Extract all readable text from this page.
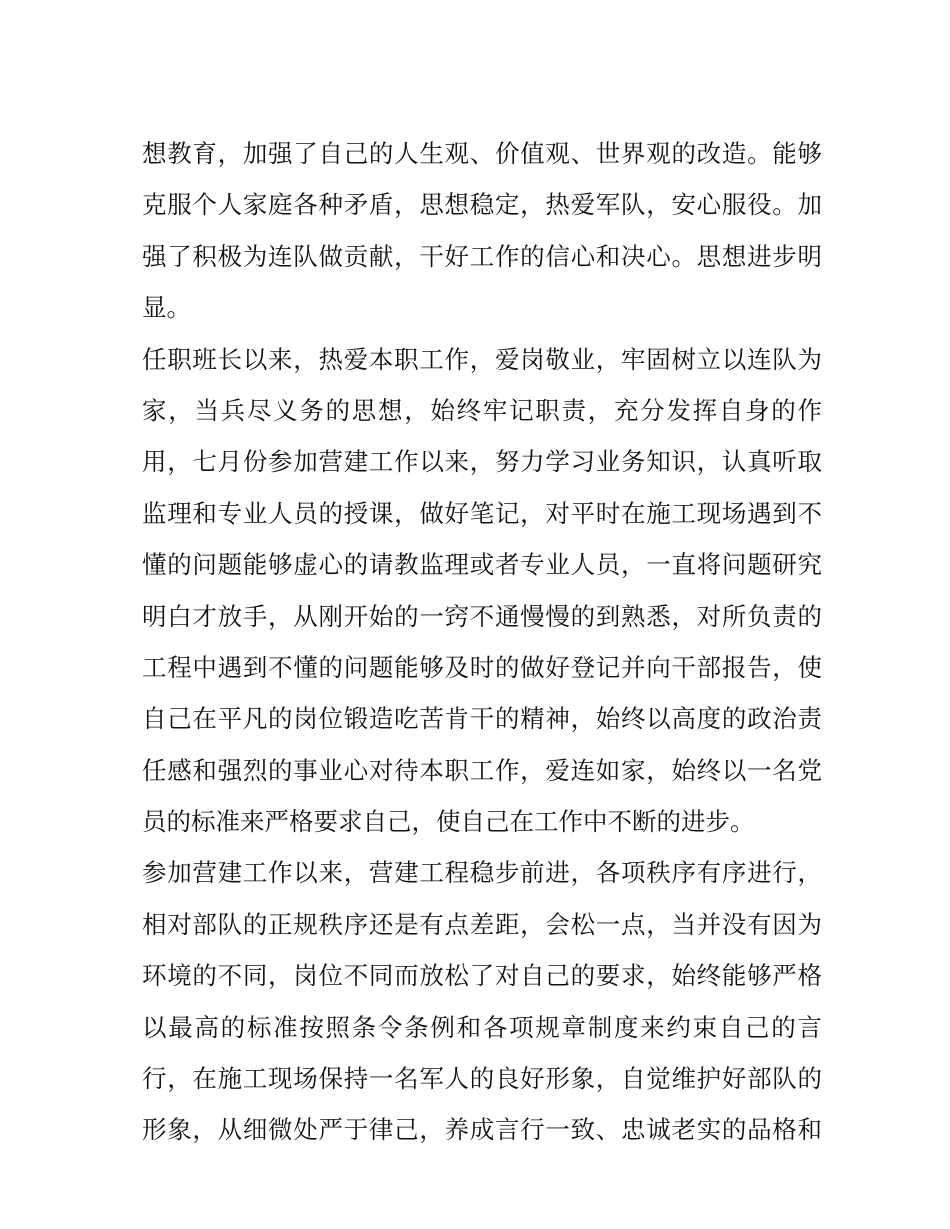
想教育，加强了自己的人生观、价值观、世界观的改造。能够
克服个人家庭各种矛盾，思想稳定，热爱军队，安心服役。加
强了积极为连队做贡献，干好工作的信心和决心。思想进步明
显。
任职班长以来，热爱本职工作，爱岗敬业，牢固树立以连队为
家，当兵尽义务的思想，始终牢记职责，充分发挥自身的作
用，七月份参加营建工作以来，努力学习业务知识，认真听取
监理和专业人员的授课，做好笔记，对平时在施工现场遇到不
懂的问题能够虚心的请教监理或者专业人员，一直将问题研究
明白才放手，从刚开始的一窍不通慢慢的到熟悉，对所负责的
工程中遇到不懂的问题能够及时的做好登记并向干部报告，使
自己在平凡的岗位锻造吃苦肯干的精神，始终以高度的政治责
任感和强烈的事业心对待本职工作，爱连如家，始终以一名党
员的标准来严格要求自己，使自己在工作中不断的进步。
参加营建工作以来，营建工程稳步前进，各项秩序有序进行，
相对部队的正规秩序还是有点差距，会松一点，当并没有因为
环境的不同，岗位不同而放松了对自己的要求，始终能够严格
以最高的标准按照条令条例和各项规章制度来约束自己的言
行，在施工现场保持一名军人的良好形象，自觉维护好部队的
形象，从细微处严于律己，养成言行一致、忠诚老实的品格和
